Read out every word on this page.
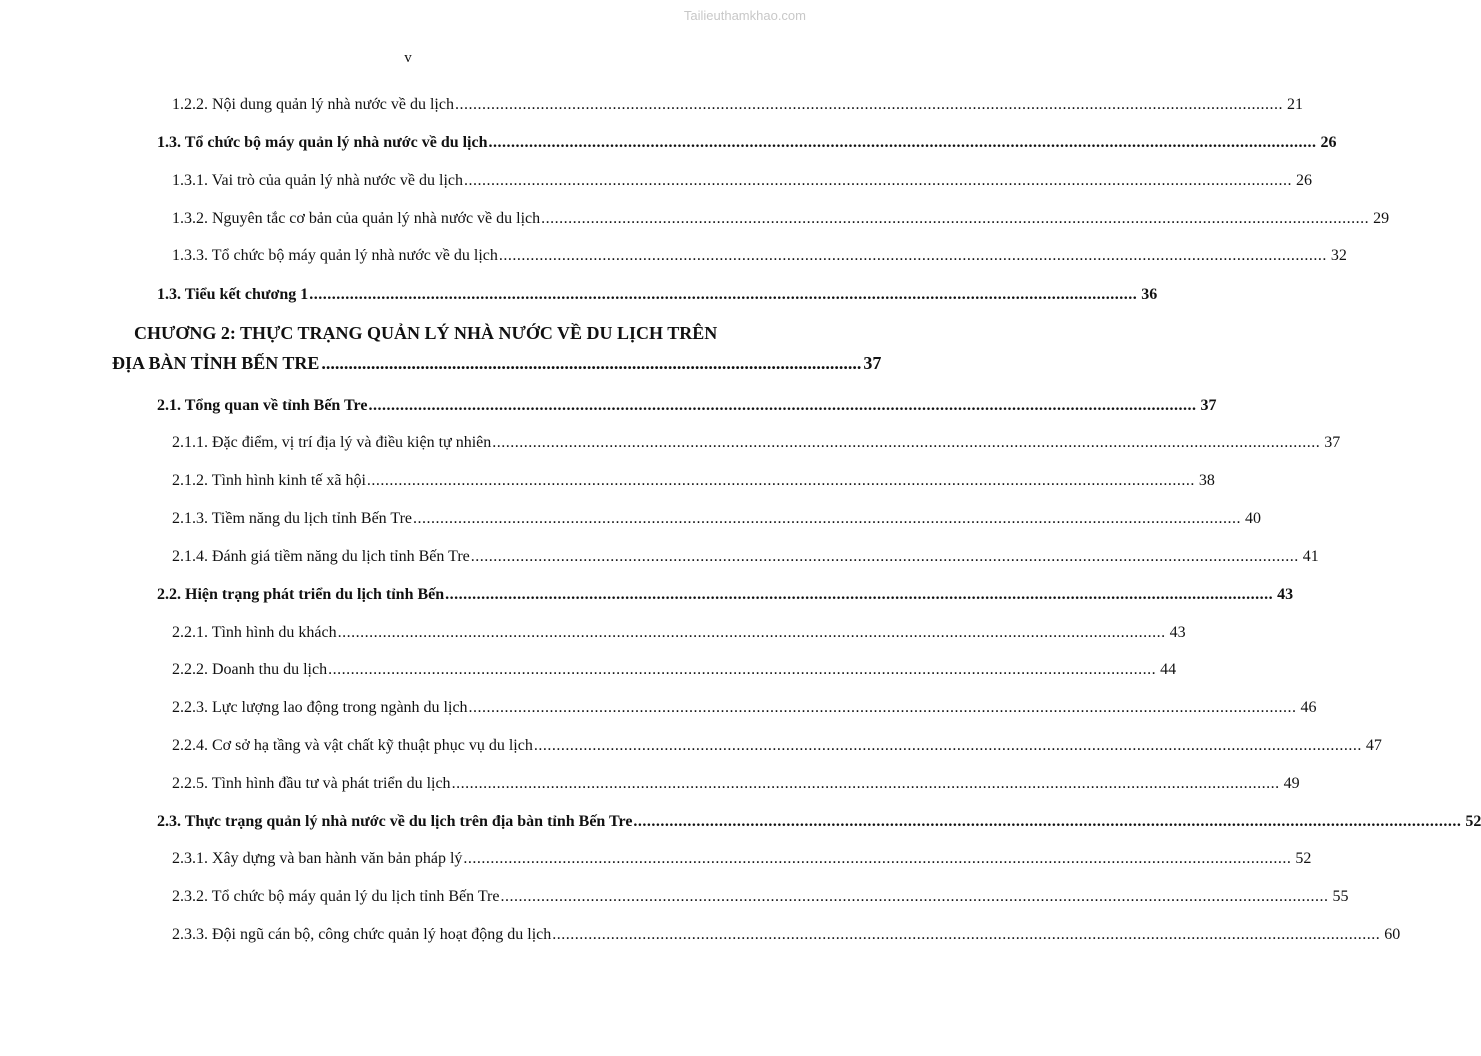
Tailieuthamkhao.com
v
1.2.2. Nội dung quản lý nhà nước về du lịch .....	21
1.3. Tổ chức bộ máy quản lý nhà nước về du lịch .....	26
1.3.1. Vai trò của quản lý nhà nước về du lịch .....	26
1.3.2. Nguyên tắc cơ bản của quản lý nhà nước về du lịch .....	29
1.3.3. Tổ chức bộ máy quản lý nhà nước về du lịch .....	32
1.3. Tiểu kết chương 1 .....	36
CHƯƠNG 2: THỰC TRẠNG QUẢN LÝ NHÀ NƯỚC VỀ DU LỊCH TRÊN
ĐỊA BÀN TỈNH BẾN TRE ........................................................................................................................ 37
2.1. Tổng quan về tỉnh Bến Tre .....	37
2.1.1. Đặc điểm, vị trí địa lý và điều kiện tự nhiên .....	37
2.1.2. Tình hình kinh tế xã hội .....	38
2.1.3. Tiềm năng du lịch tỉnh Bến Tre .....	40
2.1.4. Đánh giá tiềm năng du lịch tỉnh Bến Tre .....	41
2.2. Hiện trạng phát triển du lịch tỉnh Bến .....	43
2.2.1. Tình hình du khách .....	43
2.2.2. Doanh thu du lịch .....	44
2.2.3. Lực lượng lao động trong ngành du lịch .....	46
2.2.4. Cơ sở hạ tầng và vật chất kỹ thuật phục vụ du lịch .....	47
2.2.5. Tình hình đầu tư và phát triển du lịch .....	49
2.3. Thực trạng quản lý nhà nước về du lịch trên địa bàn tỉnh Bến Tre .....	52
2.3.1. Xây dựng và ban hành văn bản pháp lý .....	52
2.3.2. Tổ chức bộ máy quản lý du lịch tỉnh Bến Tre .....	55
2.3.3. Đội ngũ cán bộ, công chức quản lý hoạt động du lịch .....	60
